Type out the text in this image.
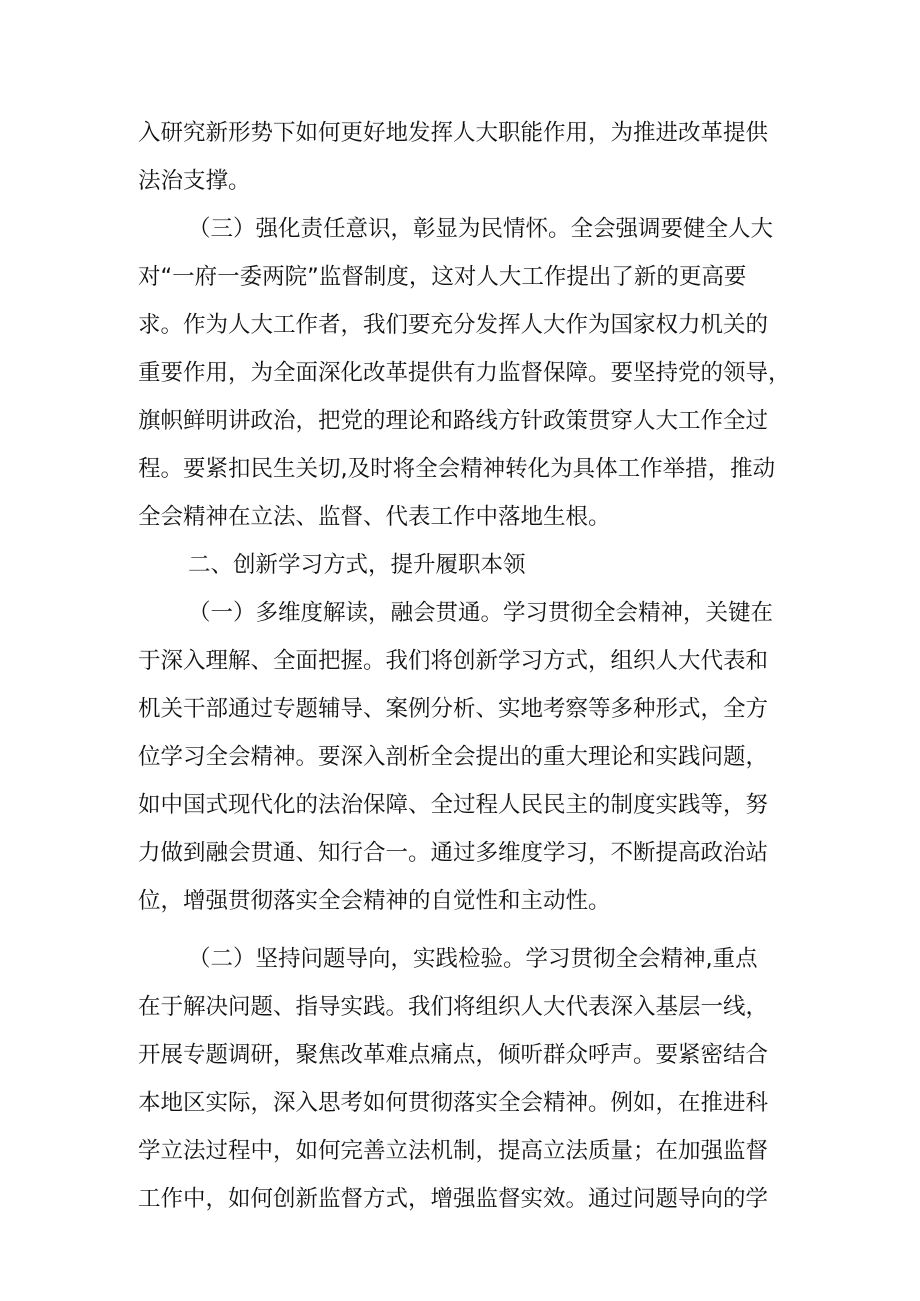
入研究新形势下如何更好地发挥人大职能作用，为推进改革提供
法治支撑。
（三）强化责任意识，彰显为民情怀。全会强调要健全人大
对“一府一委两院”监督制度，这对人大工作提出了新的更高要
求。作为人大工作者，我们要充分发挥人大作为国家权力机关的
重要作用，为全面深化改革提供有力监督保障。要坚持党的领导，
旗帜鲜明讲政治，把党的理论和路线方针政策贯穿人大工作全过
程。要紧扣民生关切,及时将全会精神转化为具体工作举措，推动
全会精神在立法、监督、代表工作中落地生根。
二、创新学习方式，提升履职本领
（一）多维度解读，融会贯通。学习贯彻全会精神，关键在
于深入理解、全面把握。我们将创新学习方式，组织人大代表和
机关干部通过专题辅导、案例分析、实地考察等多种形式，全方
位学习全会精神。要深入剖析全会提出的重大理论和实践问题，
如中国式现代化的法治保障、全过程人民民主的制度实践等，努
力做到融会贯通、知行合一。通过多维度学习，不断提高政治站
位，增强贯彻落实全会精神的自觉性和主动性。
（二）坚持问题导向，实践检验。学习贯彻全会精神,重点
在于解决问题、指导实践。我们将组织人大代表深入基层一线，
开展专题调研，聚焦改革难点痛点，倾听群众呼声。要紧密结合
本地区实际，深入思考如何贯彻落实全会精神。例如，在推进科
学立法过程中，如何完善立法机制，提高立法质量；在加强监督
工作中，如何创新监督方式，增强监督实效。通过问题导向的学
